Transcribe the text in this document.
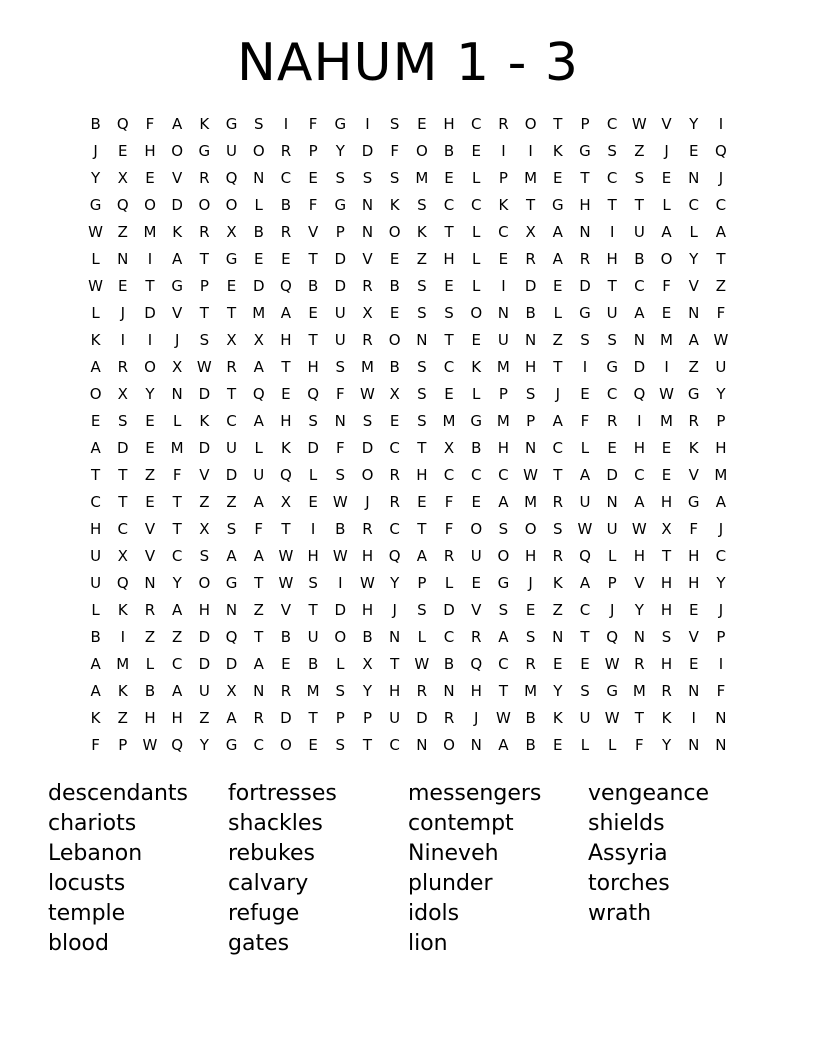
NAHUM 1 - 3
B	Q	F	A	K	G	S	I	F	G	I	S	E	H	C	R	O	T	P	C W V	Y	I
J	E	H	O	G	U	O	R	P	Y	D	F	O	B	E	I	I	K	G	S	Z	J	E	Q
Y	X	E	V	R	Q	N	C	E	S	S	S	M	E	L	P	M	E	T	C	S	E	N	J
G	Q	O	D	O	O	L	B	F	G	N	K	S	C	C	K	T	G	H	T	T	L	C	C
W Z	M	K	R	X	B	R	V	P	N	O	K	T	L	C	X	A	N	I	U	A	L	A
L	N	I	A	T	G	E	E	T	D	V	E	Z	H	L	E	R	A	R	H	B	O	Y	T
W	E	T	G	P	E	D	Q	B	D	R	B	S	E	L	I	D	E	D	T	C	F	V	Z
L	J	D	V	T	T	M	A	E	U	X	E	S	S	O	N	B	L	G	U	A	E	N	F
K	I	I	J	S	X	X	H	T	U	R	O	N	T	E	U	N	Z	S	S	N	M	A W
A	R	O	X W R	A	T	H	S	M	B	S	C	K	M	H	T	I	G	D	I	Z	U
O	X	Y	N	D	T	Q	E	Q	F	W X	S	E	L	P	S	J	E	C	Q W G	Y
E	S	E	L	K	C	A	H	S	N	S	E	S	M G M	P	A	F	R	I	M	R	P
A	D	E	M D	U	L	K	D	F	D	C	T	X	B	H	N	C	L	E	H	E	K	H
T	T	Z	F	V	D	U	Q	L	S	O	R	H	C	C	C W	T	A	D	C	E	V	M
C	T	E	T	Z	Z	A	X	E	W	J	R	E	F	E	A	M	R	U	N	A	H	G	A
H	C	V	T	X	S	F	T	I	B	R	C	T	F	O	S	O	S	W U W X	F	J
U	X	V	C	S	A	A W H W H	Q	A	R	U	O	H	R	Q	L	H	T	H	C
U	Q	N	Y	O	G	T	W	S	I	W	Y	P	L	E	G	J	K	A	P	V	H	H	Y
L	K	R	A	H	N	Z	V	T	D	H	J	S	D	V	S	E	Z	C	J	Y	H	E	J
B	I	Z	Z	D	Q	T	B	U	O	B	N	L	C	R	A	S	N	T	Q	N	S	V	P
A	M	L	C	D	D	A	E	B	L	X	T	W B	Q	C	R	E	E	W R	H	E	I
A	K	B	A	U	X	N	R	M	S	Y	H	R	N	H	T	M	Y	S	G M	R	N	F
K	Z	H	H	Z	A	R	D	T	P	P	U	D	R	J	W B	K	U W	T	K	I	N
F	P	W Q	Y	G	C	O	E	S	T	C	N	O	N	A	B	E	L	L	F	Y	N	N
descendants
chariots
Lebanon
locusts
temple
blood
fortresses
shackles
rebukes
calvary
refuge
gates
messengers
contempt
Nineveh
plunder
idols
lion
vengeance
shields
Assyria
torches
wrath
